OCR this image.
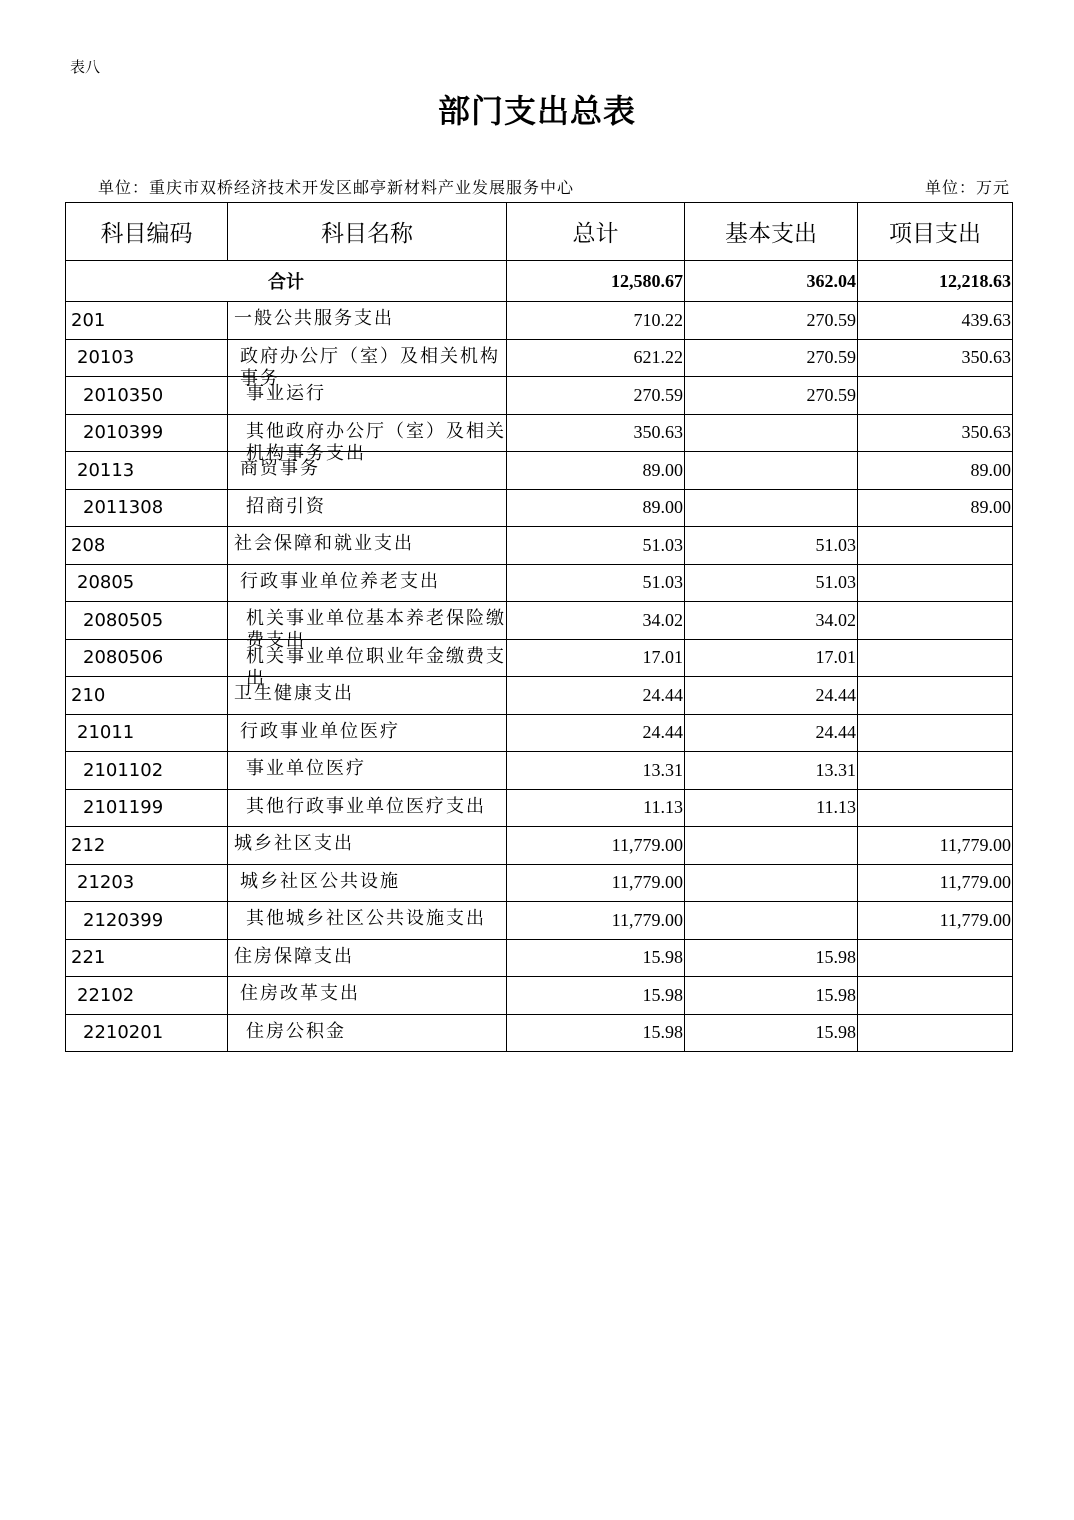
表八
部门支出总表
单位：重庆市双桥经济技术开发区邮亭新材料产业发展服务中心	单位：万元
科目编码	科目名称	总计	基本支出	项目支出
合计		12,580.67	362.04	12,218.63

201	一般公共服务支出	710.22	270.59	439.63

20103	政府办公厅（室）及相关机构事务	621.22	270.59	350.63

2010350	事业运行	270.59	270.59	

2010399	其他政府办公厅（室）及相关机构事务支出	350.63		350.63

20113	商贸事务	89.00		89.00

2011308	招商引资	89.00		89.00

208	社会保障和就业支出	51.03	51.03	

20805	行政事业单位养老支出	51.03	51.03	

2080505	机关事业单位基本养老保险缴费支出	34.02	34.02	

2080506	机关事业单位职业年金缴费支出	17.01	17.01	

210	卫生健康支出	24.44	24.44	

21011	行政事业单位医疗	24.44	24.44	

2101102	事业单位医疗	13.31	13.31	

2101199	其他行政事业单位医疗支出	11.13	11.13	

212	城乡社区支出	11,779.00		11,779.00

21203	城乡社区公共设施	11,779.00		11,779.00

2120399	其他城乡社区公共设施支出	11,779.00		11,779.00

221	住房保障支出	15.98	15.98	

22102	住房改革支出	15.98	15.98	

2210201	住房公积金	15.98	15.98	
